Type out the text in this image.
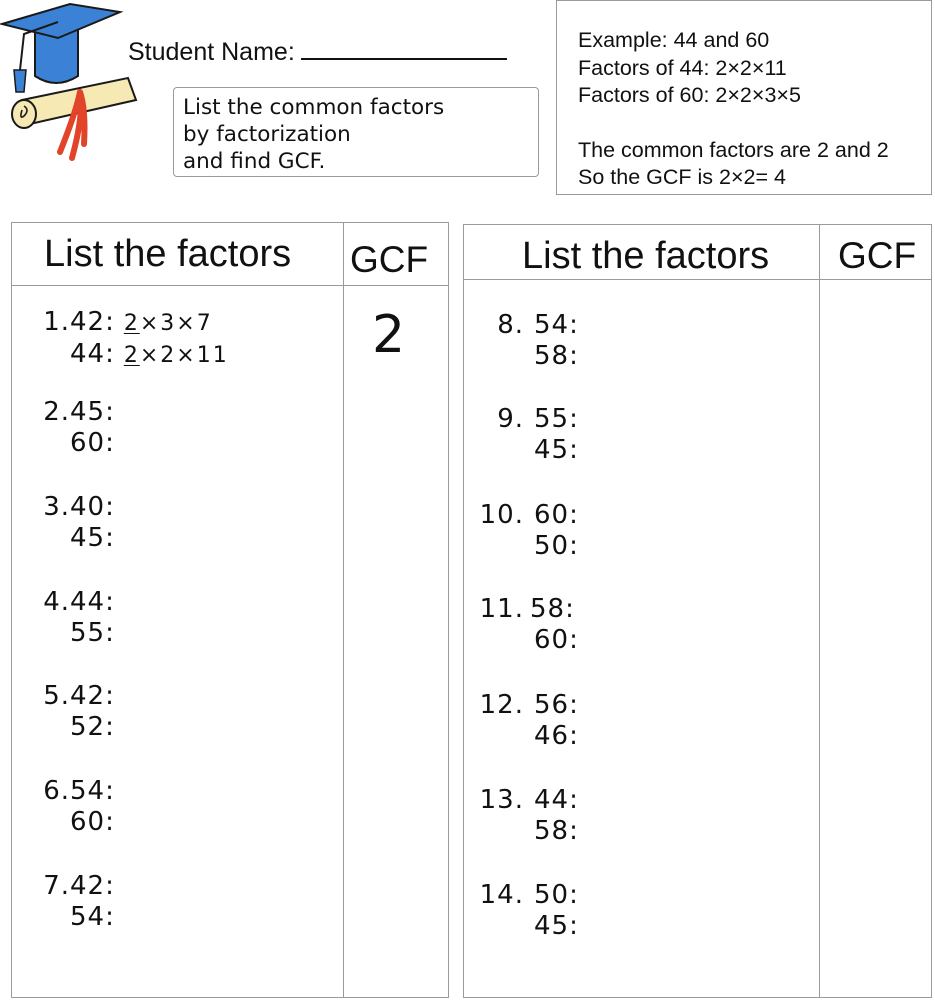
Student Name:
List the common factors
by factorization
and find GCF.
Example: 44 and 60
Factors of 44: 2×2×11
Factors of 60: 2×2×3×5
The common factors are 2 and 2
So the GCF is 2×2= 4
List the factors GCF
1.42: 2×3×7
44: 2×2×11	2
2.45:
60:
3.40:
45:
4.44:
55:
5.42:
52:
6.54:
60:
7.42:
54:
List the factors GCF
8. 54:
58:
9. 55:
45:
10. 60:
50:
11. 58:
60:
12. 56:
46:
13. 44:
58:
14. 50:
45:
